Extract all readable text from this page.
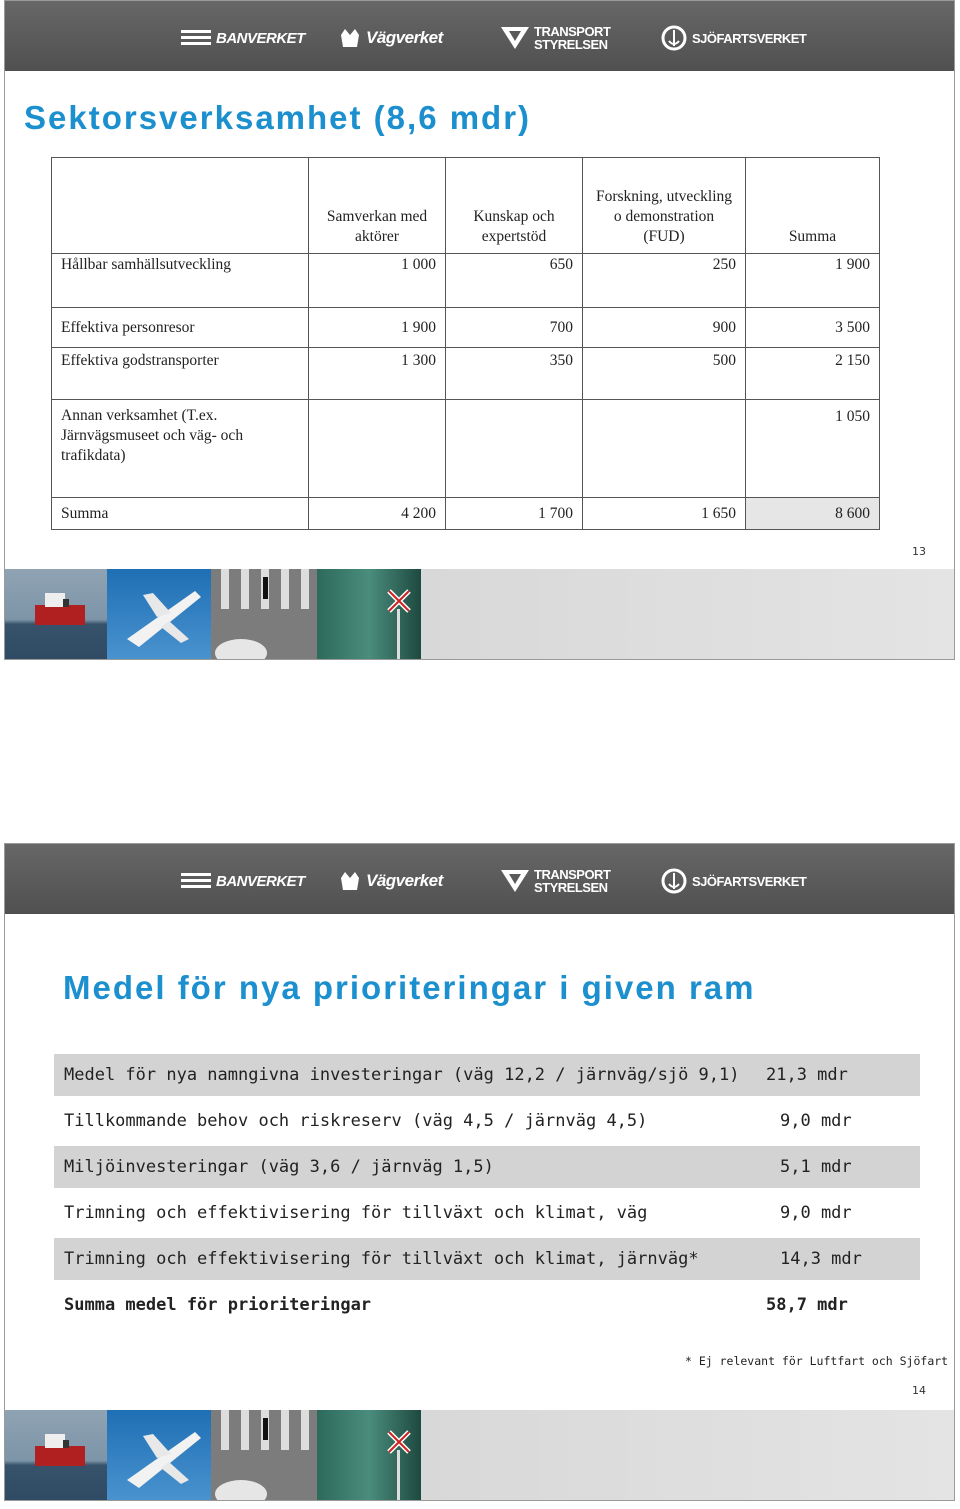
BANVERKET	Vägverket	TRANSPORT
STYRELSEN	SJÖFARTSVERKET
Sektorsverksamhet (8,6 mdr)
	Samverkan med aktörer	Kunskap och expertstöd	Forskning, utveckling o demonstration (FUD)	Summa
Hållbar samhällsutveckling	1 000	650	250	1 900
Effektiva personresor	1 900	700	900	3 500
Effektiva godstransporter	1 300	350	500	2 150
Annan verksamhet (T.ex. Järnvägsmuseet och väg- och trafikdata)				1 050
Summa	4 200	1 700	1 650	8 600
13
BANVERKET	Vägverket	TRANSPORT
STYRELSEN	SJÖFARTSVERKET
Medel för nya prioriteringar i given ram
Medel för nya namngivna investeringar (väg 12,2 / järnväg/sjö 9,1) 21,3 mdr
Tillkommande behov och riskreserv (väg 4,5 / järnväg 4,5)	9,0 mdr
Miljöinvesteringar (väg 3,6 / järnväg 1,5)	5,1 mdr
Trimning och effektivisering för tillväxt och klimat, väg	9,0 mdr
Trimning och effektivisering för tillväxt och klimat, järnväg*	14,3 mdr
Summa medel för prioriteringar	58,7 mdr
* Ej relevant för Luftfart och Sjöfart
14
